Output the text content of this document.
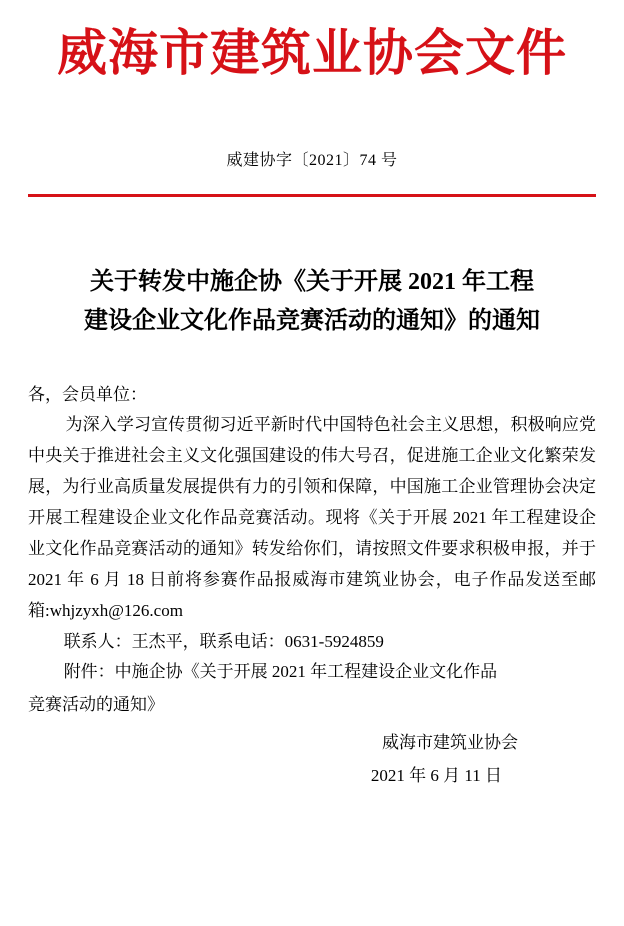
威海市建筑业协会文件
威建协字〔2021〕74 号
关于转发中施企协《关于开展 2021 年工程
建设企业文化作品竞赛活动的通知》的通知
各，会员单位：
为深入学习宣传贯彻习近平新时代中国特色社会主义思想，积极响应党中央关于推进社会主义文化强国建设的伟大号召，促进施工企业文化繁荣发展，为行业高质量发展提供有力的引领和保障，中国施工企业管理协会决定开展工程建设企业文化作品竞赛活动。现将《关于开展 2021 年工程建设企业文化作品竞赛活动的通知》转发给你们，请按照文件要求积极申报，并于 2021 年 6 月 18 日前将参赛作品报威海市建筑业协会，电子作品发送至邮箱:whjzyxh@126.com
联系人：王杰平，联系电话：0631-5924859
附件：中施企协《关于开展 2021 年工程建设企业文化作品
竞赛活动的通知》
威海市建筑业协会
2021 年 6 月 11 日
